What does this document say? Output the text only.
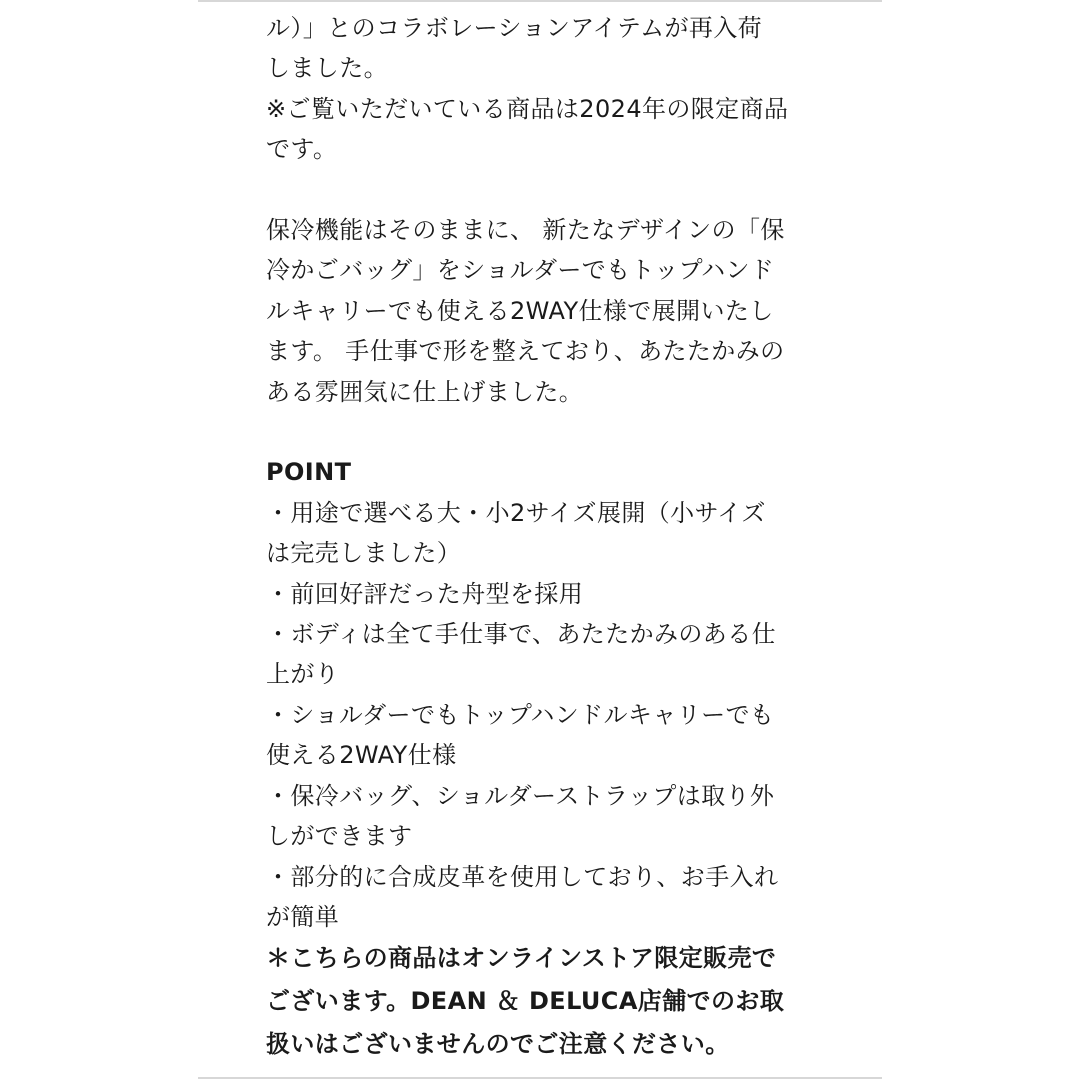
ル）」とのコラボレーションアイテムが再入荷
しました。
※ご覧いただいている商品は2024年の限定商品
です。
保冷機能はそのままに、 新たなデザインの「保
冷かごバッグ」をショルダーでもトップハンド
ルキャリーでも使える2WAY仕様で展開いたし
ます。 手仕事で形を整えており、あたたかみの
ある雰囲気に仕上げました。
POINT
・用途で選べる大・小2サイズ展開（小サイズ
は完売しました）
・前回好評だった舟型を採用
・ボディは全て手仕事で、あたたかみのある仕
上がり
・ショルダーでもトップハンドルキャリーでも
使える2WAY仕様
・保冷バッグ、ショルダーストラップは取り外
しができます
・部分的に合成皮革を使用しており、お手入れ
が簡単
＊こちらの商品はオンラインストア限定販売で
ございます。DEAN ＆ DELUCA店舗でのお取
扱いはございませんのでご注意ください。
